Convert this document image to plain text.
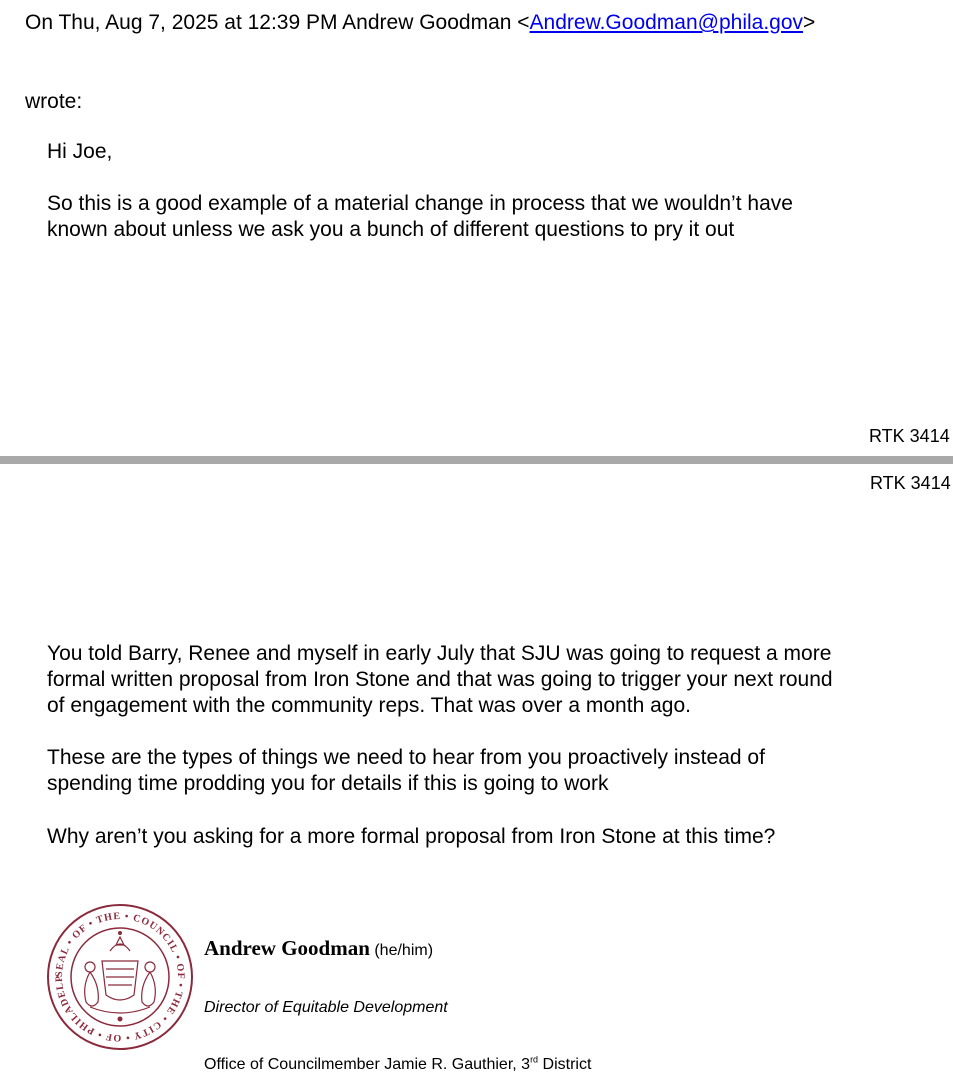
On Thu, Aug 7, 2025 at 12:39 PM Andrew Goodman <Andrew.Goodman@phila.gov>
wrote:
Hi Joe,
So this is a good example of a material change in process that we wouldn’t have
known about unless we ask you a bunch of different questions to pry it out
RTK 3414
RTK 3414
You told Barry, Renee and myself in early July that SJU was going to request a more
formal written proposal from Iron Stone and that was going to trigger your next round
of engagement with the community reps. That was over a month ago.
These are the types of things we need to hear from you proactively instead of
spending time prodding you for details if this is going to work
Why aren’t you asking for a more formal proposal from Iron Stone at this time?
SEAL • OF • THE • COUNCIL • OF • THE • CITY • OF • PHILADELP
Andrew Goodman (he/him)
Director of Equitable Development
Office of Councilmember Jamie R. Gauthier, 3rd District
